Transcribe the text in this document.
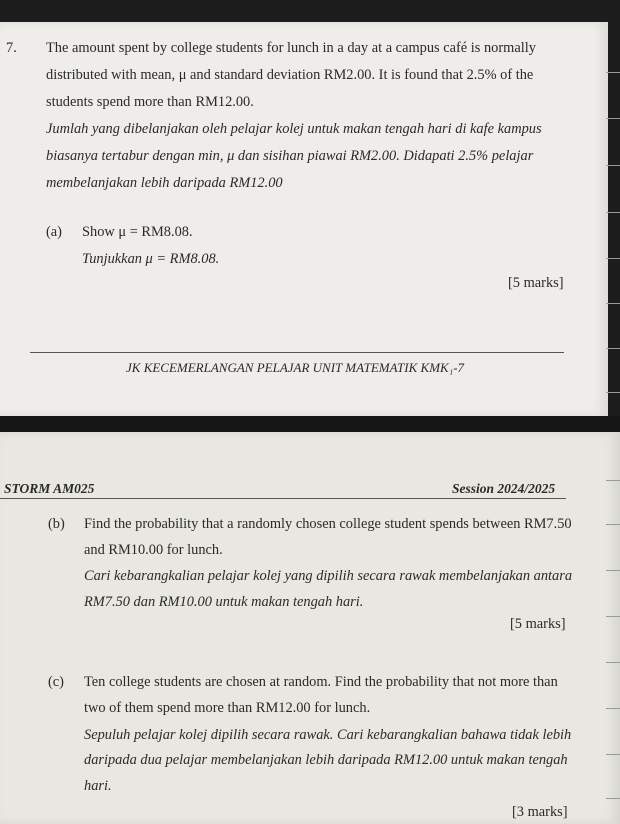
7. The amount spent by college students for lunch in a day at a campus café is normally
distributed with mean, μ and standard deviation RM2.00. It is found that 2.5% of the
students spend more than RM12.00.
Jumlah yang dibelanjakan oleh pelajar kolej untuk makan tengah hari di kafe kampus
biasanya tertabur dengan min, μ dan sisihan piawai RM2.00. Didapati 2.5% pelajar
membelanjakan lebih daripada RM12.00
(a) Show μ = RM8.08.
Tunjukkan μ = RM8.08.
[5 marks]
JK KECEMERLANGAN PELAJAR UNIT MATEMATIK KMK₁-7
STORM AM025	Session 2024/2025
(b) Find the probability that a randomly chosen college student spends between RM7.50
and RM10.00 for lunch.
Cari kebarangkalian pelajar kolej yang dipilih secara rawak membelanjakan antara
RM7.50 dan RM10.00 untuk makan tengah hari.
[5 marks]
(c) Ten college students are chosen at random. Find the probability that not more than
two of them spend more than RM12.00 for lunch.
Sepuluh pelajar kolej dipilih secara rawak. Cari kebarangkalian bahawa tidak lebih
daripada dua pelajar membelanjakan lebih daripada RM12.00 untuk makan tengah
hari.
[3 marks]
